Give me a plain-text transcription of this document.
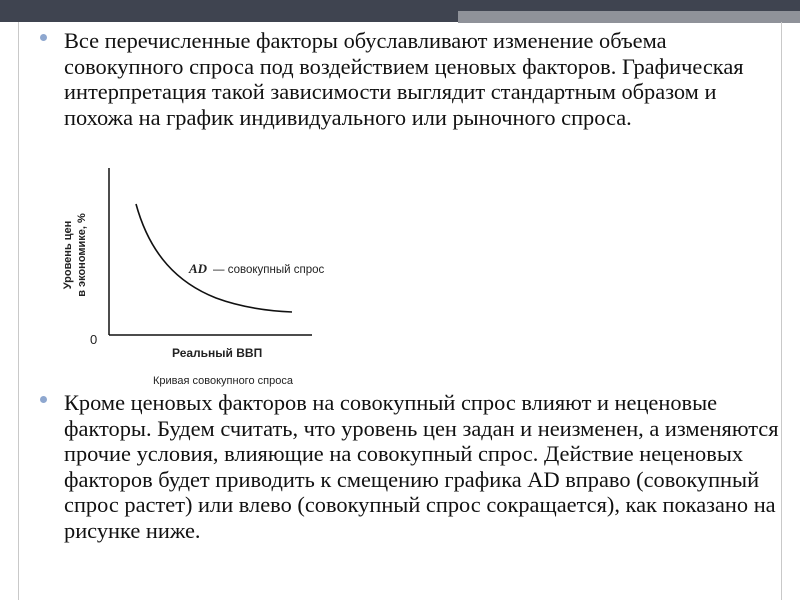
Все перечисленные факторы обуславливают изменение объема совокупного спроса под воздействием ценовых факторов. Графическая интерпретация такой зависимости выглядит стандартным образом и похожа на график индивидуального или рыночного спроса.
Уровень цен в экономике, %
0
Реальный ВВП
AD — совокупный спрос
Кривая совокупного спроса
Кроме ценовых факторов на совокупный спрос влияют и неценовые факторы. Будем считать, что уровень цен задан и неизменен, а изменяются прочие условия, влияющие на совокупный спрос. Действие неценовых факторов будет приводить к смещению графика AD вправо (совокупный спрос растет) или влево (совокупный спрос сокращается), как показано на рисунке ниже.
